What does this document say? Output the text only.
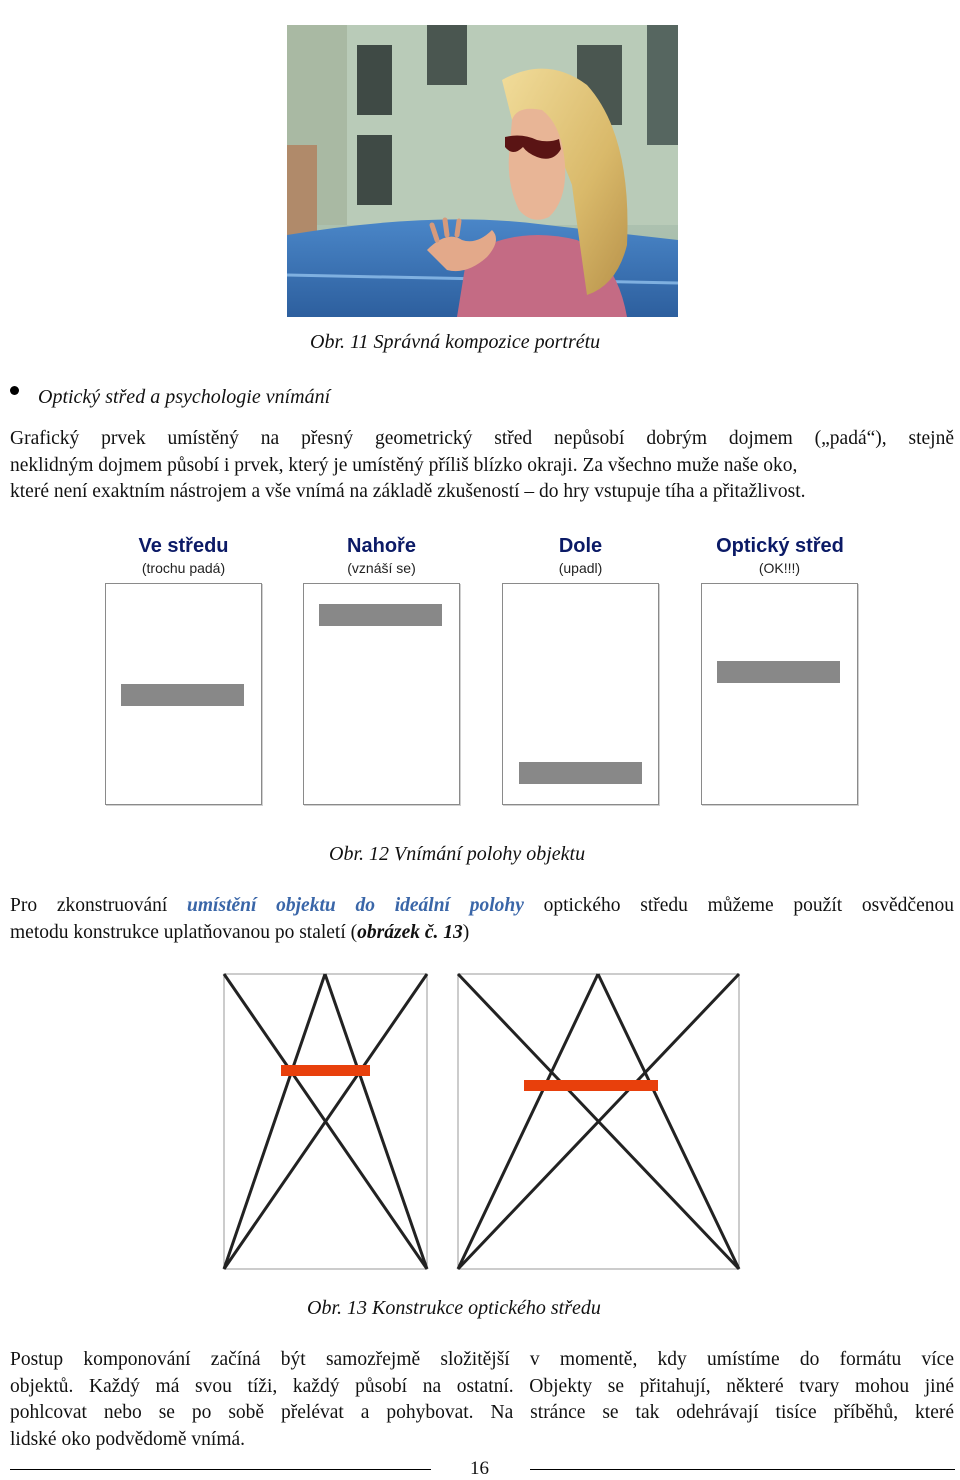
Obr. 11 Správná kompozice portrétu
Optický střed a psychologie vnímání
Grafický prvek umístěný na přesný geometrický střed nepůsobí dobrým dojmem („padá“), stejně
neklidným dojmem působí i prvek, který je umístěný příliš blízko okraji. Za všechno muže naše oko,
které není exaktním nástrojem a vše vnímá na základě zkušeností – do hry vstupuje tíha a přitažlivost.
Ve středu
(trochu padá)
Nahoře
(vznáší se)
Dole
(upadl)
Optický střed
(OK!!!)
Obr. 12 Vnímání polohy objektu
Pro zkonstruování umístění objektu do ideální polohy optického středu můžeme použít osvědčenou
metodu konstrukce uplatňovanou po staletí (obrázek č. 13)
Obr. 13 Konstrukce optického středu
Postup komponování začíná být samozřejmě složitější v momentě, kdy umístíme do formátu více
objektů. Každý má svou tíži, každý působí na ostatní. Objekty se přitahují, některé tvary mohou jiné
pohlcovat nebo se po sobě přelévat a pohybovat. Na stránce se tak odehrávají tisíce příběhů, které
lidské oko podvědomě vnímá.
16
